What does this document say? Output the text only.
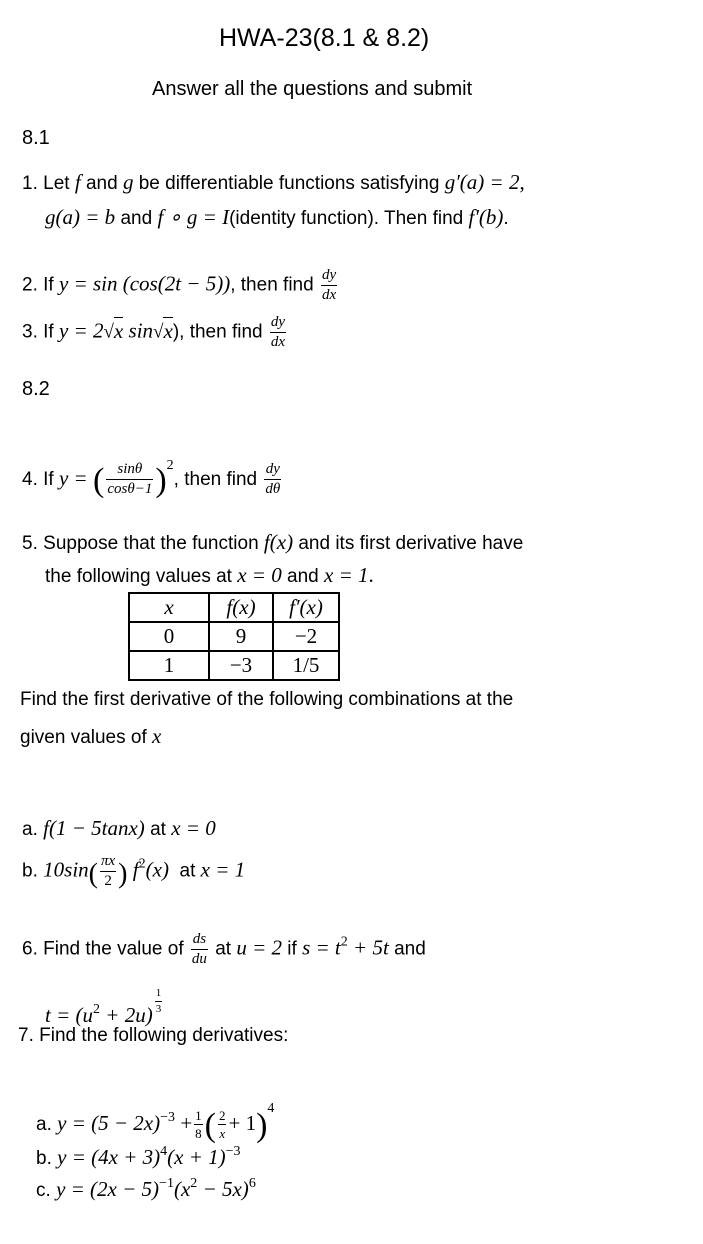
HWA-23(8.1 & 8.2)
Answer all the questions and submit
8.1
1. Let f and g be differentiable functions satisfying g′(a) = 2,
g(a) = b and f ∘ g = I(identity function). Then find f′(b).
2. If y = sin (cos(2t − 5)), then find $\frac{dy}{dx}$
3. If y = 2√x sin√x), then find $\frac{dy}{dx}$
8.2
4. If y = ( $\frac{\sin\theta}{\cos\theta-1} )^2$, then find $\frac{dy}{d\theta}$
5. Suppose that the function f(x) and its first derivative have
the following values at x = 0 and x = 1.
x	f(x)	f′(x)
0	9	−2
1	−3	1/5
Find the first derivative of the following combinations at the
given values of x
a. f(1 − 5tanx) at x = 0
b. $10\sin( \frac{\pi x}{2}$ ) $f^2(x)$ at x = 1
6. Find the value of $\frac{ds}{du}$ at u = 2 if $s = t^2 + 5t$ and
$t = (u^2 + 2u) \frac{1}{3}$
7. Find the following derivatives:
a. $y = (5 - 2x)^{-3} + \frac{1}{8}$ ( $\frac{2}{x} + 1)^4$
b. $y = (4x + 3)^4(x + 1)^{-3}$
c. $y = (2x - 5)^{-1}(x^2 - 5x)^6$
